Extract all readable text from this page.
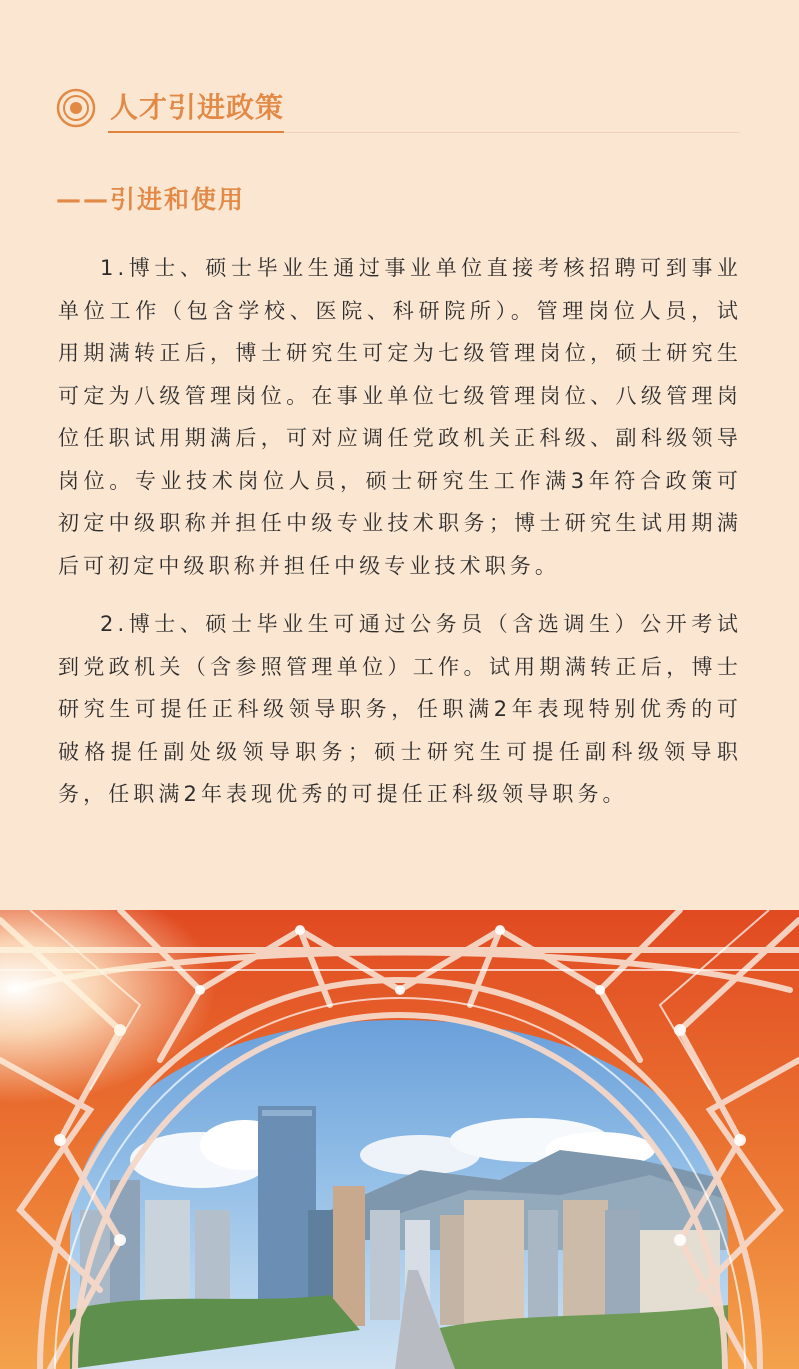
人才引进政策
——引进和使用

1.博士、硕士毕业生通过事业单位直接考核招聘可到事业单位工作（包含学校、医院、科研院所）。管理岗位人员，试用期满转正后，博士研究生可定为七级管理岗位，硕士研究生可定为八级管理岗位。在事业单位七级管理岗位、八级管理岗位任职试用期满后，可对应调任党政机关正科级、副科级领导岗位。专业技术岗位人员，硕士研究生工作满3年符合政策可初定中级职称并担任中级专业技术职务；博士研究生试用期满后可初定中级职称并担任中级专业技术职务。

2.博士、硕士毕业生可通过公务员（含选调生）公开考试到党政机关（含参照管理单位）工作。试用期满转正后，博士研究生可提任正科级领导职务，任职满2年表现特别优秀的可破格提任副处级领导职务；硕士研究生可提任副科级领导职务，任职满2年表现优秀的可提任正科级领导职务。
